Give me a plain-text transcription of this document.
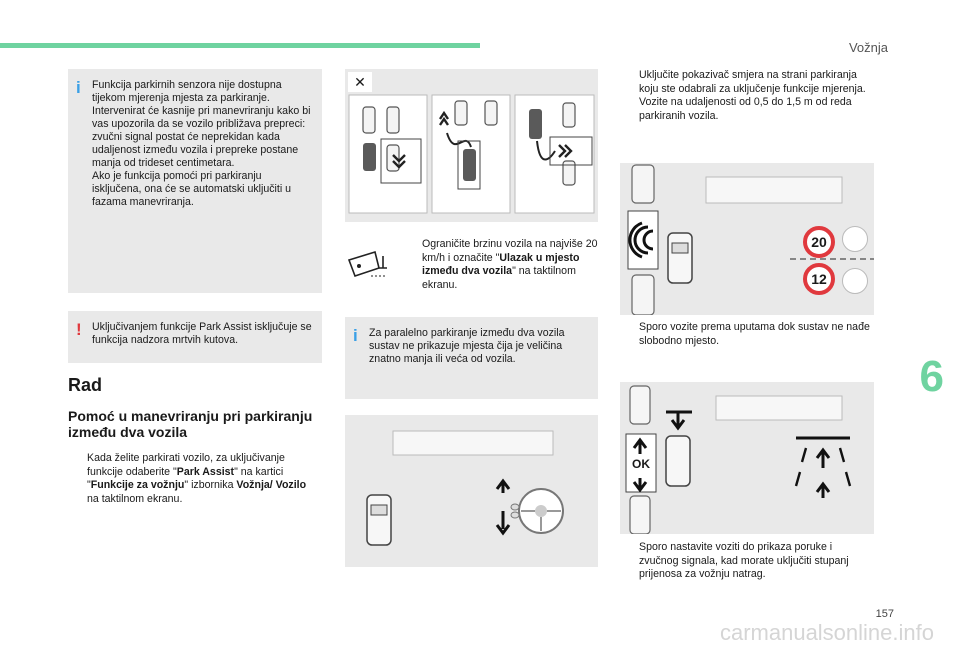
Vožnja
6
157
i Funkcija parkirnih senzora nije dostupna tijekom mjerenja mjesta za parkiranje. Intervenirat će kasnije pri manevriranju kako bi vas upozorila da se vozilo približava prepreci: zvučni signal postat će neprekidan kada udaljenost između vozila i prepreke postane manja od trideset centimetara.

Ako je funkcija pomoći pri parkiranju isključena, ona će se automatski uključiti u fazama manevriranja.

! Uključivanjem funkcije Park Assist isključuje se funkcija nadzora mrtvih kutova.

Rad
Pomoć u manevriranju pri parkiranju između dva vozila
Kada želite parkirati vozilo, za uključivanje funkcije odaberite "Park Assist" na kartici "Funkcije za vožnju" izbornika Vožnja/ Vozilo na taktilnom ekranu.
✕
Ograničite brzinu vozila na najviše 20 km/h i označite "Ulazak u mjesto između dva vozila" na taktilnom ekranu.
i Za paralelno parkiranje između dva vozila sustav ne prikazuje mjesta čija je veličina znatno manja ili veća od vozila.

Uključite pokazivač smjera na strani parkiranja koju ste odabrali za uključenje funkcije mjerenja. Vozite na udaljenosti od 0,5 do 1,5 m od reda parkiranih vozila.
20
12
Sporo vozite prema uputama dok sustav ne nađe slobodno mjesto.
OK
Sporo nastavite voziti do prikaza poruke i zvučnog signala, kad morate uključiti stupanj prijenosa za vožnju natrag.
carmanualsonline.info
